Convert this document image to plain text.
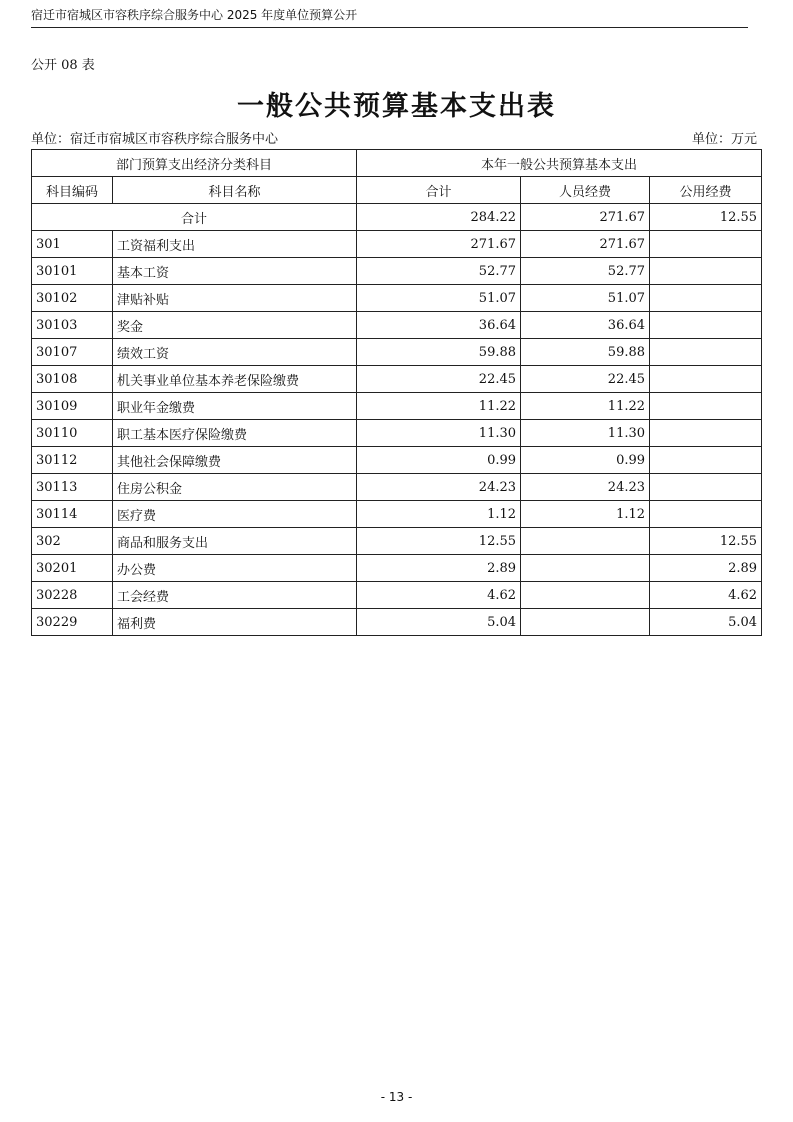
宿迁市宿城区市容秩序综合服务中心 2025 年度单位预算公开
公开 08 表
一般公共预算基本支出表
单位：宿迁市宿城区市容秩序综合服务中心	单位：万元
部门预算支出经济分类科目		本年一般公共预算基本支出		
科目编码	科目名称	合计	人员经费	公用经费
合计		284.22	271.67	12.55
301	工资福利支出	271.67	271.67	
30101	基本工资	52.77	52.77	
30102	津贴补贴	51.07	51.07	
30103	奖金	36.64	36.64	
30107	绩效工资	59.88	59.88	
30108	机关事业单位基本养老保险缴费	22.45	22.45	
30109	职业年金缴费	11.22	11.22	
30110	职工基本医疗保险缴费	11.30	11.30	
30112	其他社会保障缴费	0.99	0.99	
30113	住房公积金	24.23	24.23	
30114	医疗费	1.12	1.12	
302	商品和服务支出	12.55		12.55
30201	办公费	2.89		2.89
30228	工会经费	4.62		4.62
30229	福利费	5.04		5.04
- 13 -
